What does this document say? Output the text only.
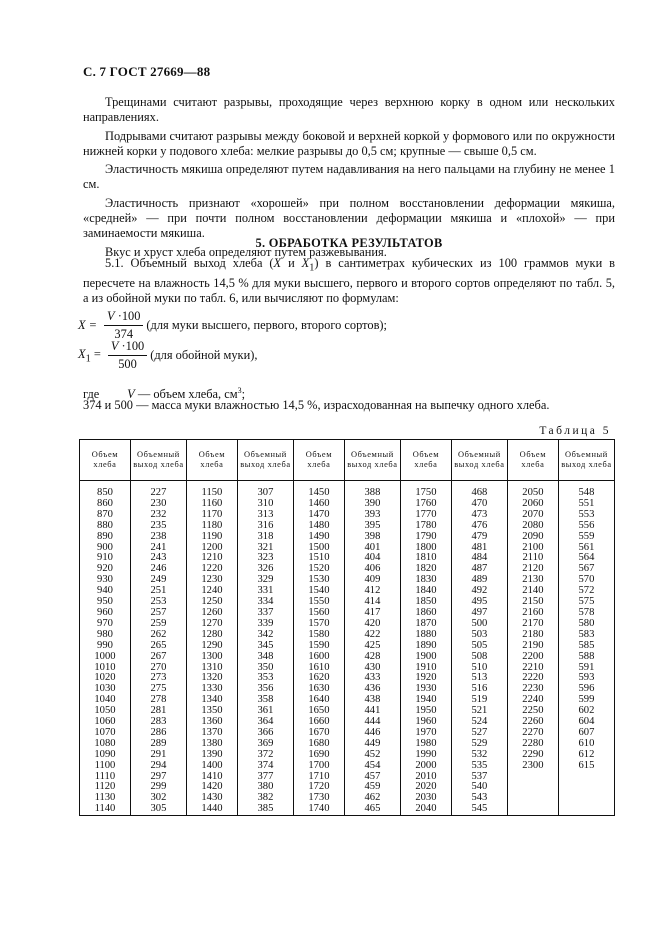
С. 7 ГОСТ 27669—88

Трещинами считают разрывы, проходящие через верхнюю корку в одном или нескольких направлениях.

Подрывами считают разрывы между боковой и верхней коркой у формового или по окружности нижней корки у подового хлеба: мелкие разрывы до 0,5 см; крупные — свыше 0,5 см.

Эластичность мякиша определяют путем надавливания на него пальцами на глубину не менее 1 см.

Эластичность признают «хорошей» при полном восстановлении деформации мякиша, «средней» — при почти полном восстановлении деформации мякиша и «плохой» — при заминаемости мякиша.

Вкус и хруст хлеба определяют путем разжевывания.

5. ОБРАБОТКА РЕЗУЛЬТАТОВ

5.1. Объемный выход хлеба (X и $X_1$) в сантиметрах кубических из 100 граммов муки в пересчете на влажность 14,5 % для муки высшего, первого и второго сортов определяют по табл. 5, а из обойной муки по табл. 6, или вычисляют по формулам:

$X = \frac{V \cdot 100}{374} (для$ муки высшего, первого, второго сортов);
$X_1 = \frac{V \cdot 100}{500} (для$ обойной муки),
где V — объем хлеба, $см^3$;
374 и 500 — масса муки влажностью 14,5 %, израсходованная на выпечку одного хлеба.
Таблица 5
Объем хлеба	Объемный выход хлеба	Объем хлеба	Объемный выход хлеба	Объем хлеба	Объемный выход хлеба	Объем хлеба	Объемный выход хлеба	Объем хлеба	Объемный выход хлеба
850	227	1150	307	1450	388	1750	468	2050	548
860	230	1160	310	1460	390	1760	470	2060	551
870	232	1170	313	1470	393	1770	473	2070	553
880	235	1180	316	1480	395	1780	476	2080	556
890	238	1190	318	1490	398	1790	479	2090	559
900	241	1200	321	1500	401	1800	481	2100	561
910	243	1210	323	1510	404	1810	484	2110	564
920	246	1220	326	1520	406	1820	487	2120	567
930	249	1230	329	1530	409	1830	489	2130	570
940	251	1240	331	1540	412	1840	492	2140	572
950	253	1250	334	1550	414	1850	495	2150	575
960	257	1260	337	1560	417	1860	497	2160	578
970	259	1270	339	1570	420	1870	500	2170	580
980	262	1280	342	1580	422	1880	503	2180	583
990	265	1290	345	1590	425	1890	505	2190	585
1000	267	1300	348	1600	428	1900	508	2200	588
1010	270	1310	350	1610	430	1910	510	2210	591
1020	273	1320	353	1620	433	1920	513	2220	593
1030	275	1330	356	1630	436	1930	516	2230	596
1040	278	1340	358	1640	438	1940	519	2240	599
1050	281	1350	361	1650	441	1950	521	2250	602
1060	283	1360	364	1660	444	1960	524	2260	604
1070	286	1370	366	1670	446	1970	527	2270	607
1080	289	1380	369	1680	449	1980	529	2280	610
1090	291	1390	372	1690	452	1990	532	2290	612
1100	294	1400	374	1700	454	2000	535	2300	615
1110	297	1410	377	1710	457	2010	537		
1120	299	1420	380	1720	459	2020	540		
1130	302	1430	382	1730	462	2030	543		
1140	305	1440	385	1740	465	2040	545		
